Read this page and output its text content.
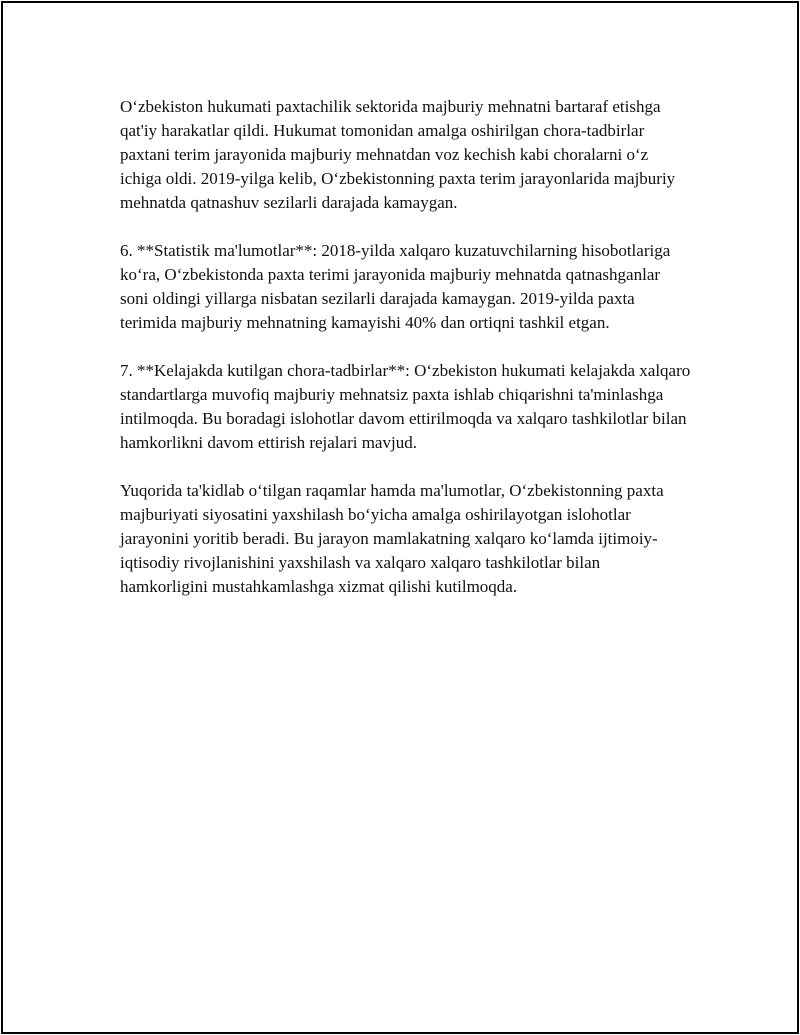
O‘zbekiston hukumati paxtachilik sektorida majburiy mehnatni bartaraf etishga qat'iy harakatlar qildi. Hukumat tomonidan amalga oshirilgan chora-tadbirlar paxtani terim jarayonida majburiy mehnatdan voz kechish kabi choralarni o‘z ichiga oldi. 2019-yilga kelib, O‘zbekistonning paxta terim jarayonlarida majburiy mehnatda qatnashuv sezilarli darajada kamaygan.

6. **Statistik ma'lumotlar**: 2018-yilda xalqaro kuzatuvchilarning hisobotlariga ko‘ra, O‘zbekistonda paxta terimi jarayonida majburiy mehnatda qatnashganlar soni oldingi yillarga nisbatan sezilarli darajada kamaygan. 2019-yilda paxta terimida majburiy mehnatning kamayishi 40% dan ortiqni tashkil etgan.

7. **Kelajakda kutilgan chora-tadbirlar**: O‘zbekiston hukumati kelajakda xalqaro standartlarga muvofiq majburiy mehnatsiz paxta ishlab chiqarishni ta'minlashga intilmoqda. Bu boradagi islohotlar davom ettirilmoqda va xalqaro tashkilotlar bilan hamkorlikni davom ettirish rejalari mavjud.

Yuqorida ta'kidlab o‘tilgan raqamlar hamda ma'lumotlar, O‘zbekistonning paxta majburiyati siyosatini yaxshilash bo‘yicha amalga oshirilayotgan islohotlar jarayonini yoritib beradi. Bu jarayon mamlakatning xalqaro ko‘lamda ijtimoiy-iqtisodiy rivojlanishini yaxshilash va xalqaro xalqaro tashkilotlar bilan hamkorligini mustahkamlashga xizmat qilishi kutilmoqda.
